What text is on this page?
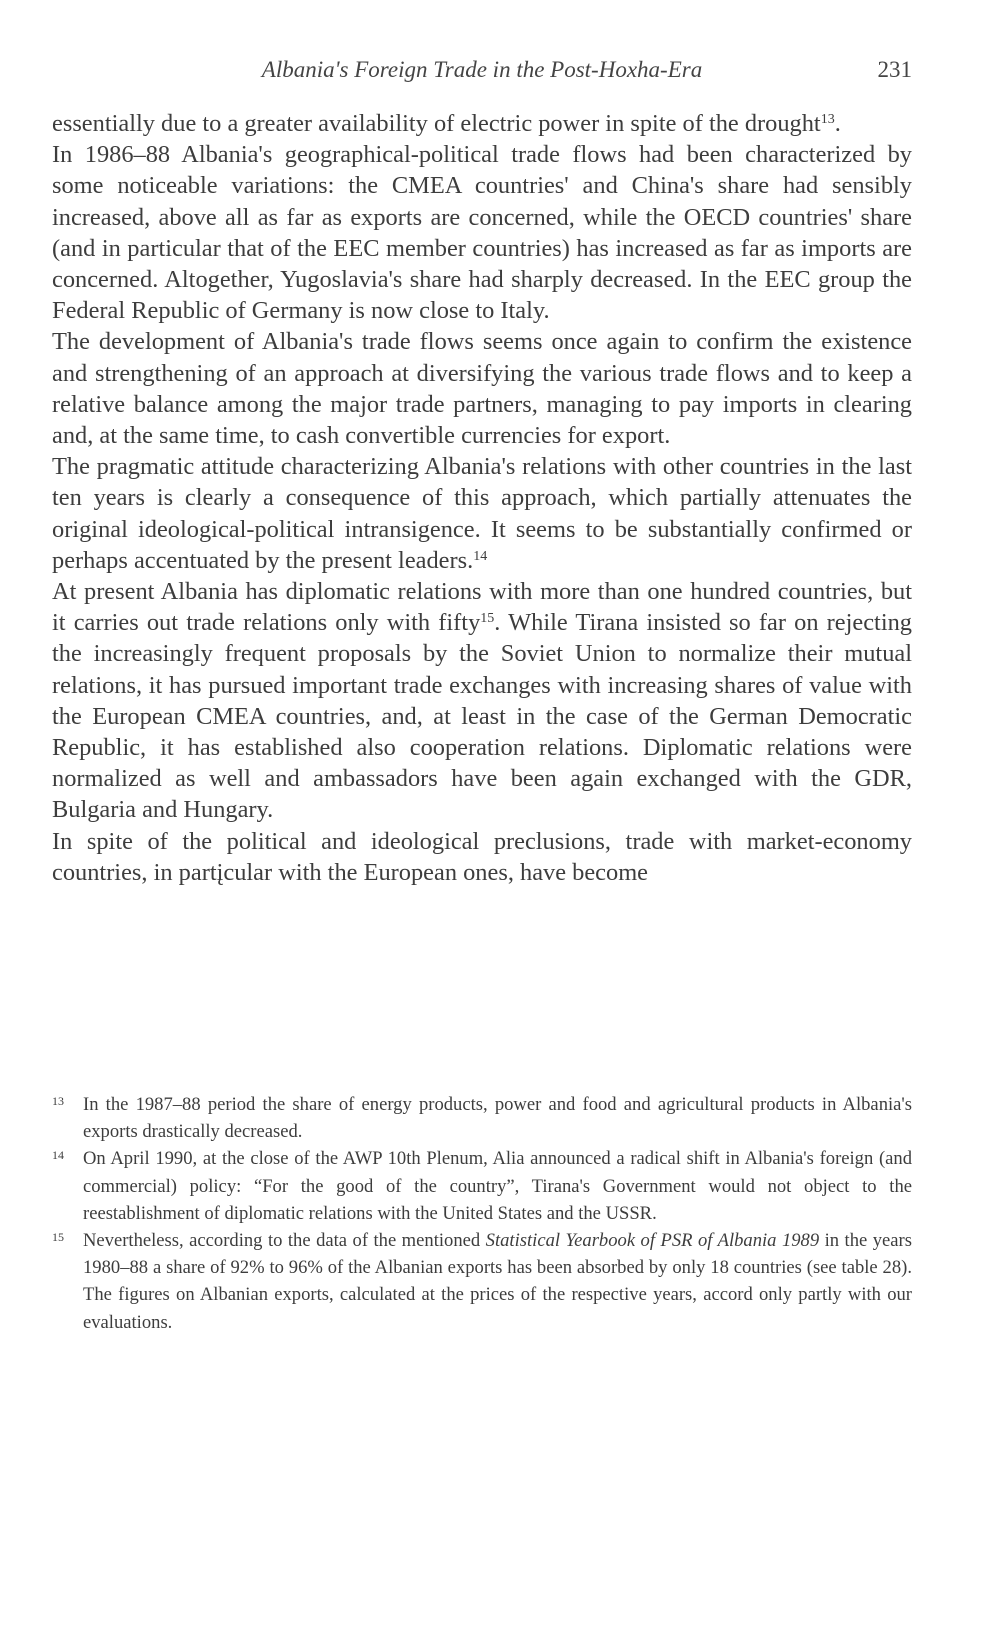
Albania's Foreign Trade in the Post-Hoxha-Era	231

essentially due to a greater availability of electric power in spite of the drought$^{13}$.

In 1986–88 Albania's geographical-political trade flows had been characterized by some noticeable variations: the CMEA countries' and China's share had sensibly increased, above all as far as exports are concerned, while the OECD countries' share (and in particular that of the EEC member countries) has increased as far as imports are concerned. Altogether, Yugoslavia's share had sharply decreased. In the EEC group the Federal Republic of Germany is now close to Italy.

The development of Albania's trade flows seems once again to confirm the existence and strengthening of an approach at diversifying the various trade flows and to keep a relative balance among the major trade partners, managing to pay imports in clearing and, at the same time, to cash convertible currencies for export.

The pragmatic attitude characterizing Albania's relations with other countries in the last ten years is clearly a consequence of this approach, which partially attenuates the original ideological-political intransigence. It seems to be substantially confirmed or perhaps accentuated by the present leaders.$^{14}$

At present Albania has diplomatic relations with more than one hundred countries, but it carries out trade relations only with fifty$^{15}$. While Tirana insisted so far on rejecting the increasingly frequent proposals by the Soviet Union to normalize their mutual relations, it has pursued important trade exchanges with increasing shares of value with the European CMEA countries, and, at least in the case of the German Democratic Republic, it has established also cooperation relations. Diplomatic relations were normalized as well and ambassadors have been again exchanged with the GDR, Bulgaria and Hungary.

In spite of the political and ideological preclusions, trade with market-economy countries, in partįcular with the European ones, have become

13 In the 1987–88 period the share of energy products, power and food and agricultural products in Albania's exports drastically decreased.

14 On April 1990, at the close of the AWP 10th Plenum, Alia announced a radical shift in Albania's foreign (and commercial) policy: “For the good of the country”, Tirana's Government would not object to the reestablishment of diplomatic relations with the United States and the USSR.

15 Nevertheless, according to the data of the mentioned Statistical Yearbook of PSR of Albania 1989 in the years 1980–88 a share of 92% to 96% of the Albanian exports has been absorbed by only 18 countries (see table 28). The figures on Albanian exports, calculated at the prices of the respective years, accord only partly with our evaluations.
